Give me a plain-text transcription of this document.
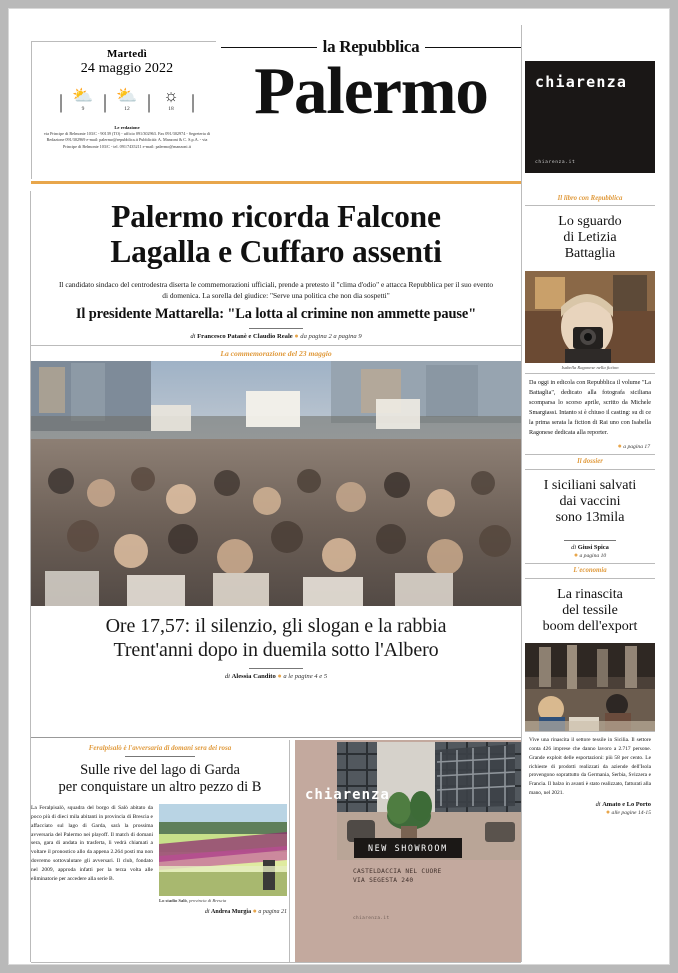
Martedì
24 maggio 2022
| ⛅
9 | ⛅
12 | ☼
18 |
Le redazione
via Principe di Belmonte 103/C - 90139 (TO) - ufficio 091/302963. Fax 091/302974 - Segreteria di Redazione 091/302969 e-mail: palermo@repubblica.it Pubblicità: A. Manzoni & C. S.p.A. - via Principe di Belmonte 103/C - tel. 091/7435211 e-mail: palermo@manzoni.it
la Repubblica
Palermo	chiarenza
chiarenza.it
Palermo ricorda Falcone
Lagalla e Cuffaro assenti
Il candidato sindaco del centrodestra diserta le commemorazioni ufficiali, prende a pretesto il "clima d'odio" e attacca Repubblica per il suo evento di domenica. La sorella del giudice: "Serve una politica che non dia sospetti"
Il presidente Mattarella: "La lotta al crimine non ammette pause"
di Francesco Patanè e Claudio Reale ● da pagina 2 a pagina 9
La commemorazione del 23 maggio
Ore 17,57: il silenzio, gli slogan e la rabbia
Trent'anni dopo in duemila sotto l'Albero
di Alessia Candito ● a le pagine 4 e 5
Il libro con Repubblica
Lo sguardo
di Letizia
Battaglia
Isabella Ragonese nella fiction
Da oggi in edicola con Repubblica il volume "La Battaglia", dedicato alla fotografa siciliana scomparsa lo scorso aprile, scritto da Michele Smargiassi. Intanto si è chiuso il casting: su di ce la prima serata la fiction di Rai uno con Isabella Ragonese dedicata alla reporter.
● a pagina 17
Il dossier
I siciliani salvati
dai vaccini
sono 13mila
di Giusi Spica
● a pagina 10
L'economia
La rinascita
del tessile
boom dell'export
Vive una rinascita il settore tessile in Sicilia. Il settore conta 426 imprese che danno lavoro a 2.717 persone. Grande exploit delle esportazioni: più 58 per cento. Le richieste di prodotti realizzati da aziende dell'Isola provengono soprattutto da Germania, Serbia, Svizzera e Francia. Il balzo in avanti è stato realizzato, fatturati alla mano, nel 2021.
di Amato e Lo Porto
● alle pagine 14-15
Feralpisalò è l'avversaria di domani sera dei rosa
Sulle rive del lago di Garda
per conquistare un altro pezzo di B
La Feralpisalò, squadra del borgo di Salò abitato da poco più di dieci mila abitanti in provincia di Brescia e affacciato sul lago di Garda, sarà la prossima avversaria del Palermo nei playoff. Il match di domani sera, gara di andata in trasferta, li vedrà chiamati a voltare il pronostico allo da appena 2.264 posti ma non dovremo sottovalutare gli avversari. Il club, fondato nel 2009, approda infatti per la terza volta alle eliminatorie per accedere alla serie B.
Lo stadio Salò, provincia di Brescia
di Andrea Murgia ● a pagina 21
chiarenza
NEW SHOWROOM
CASTELDACCIA NEL CUORE
VIA SEGESTA 240
chiarenza.it
